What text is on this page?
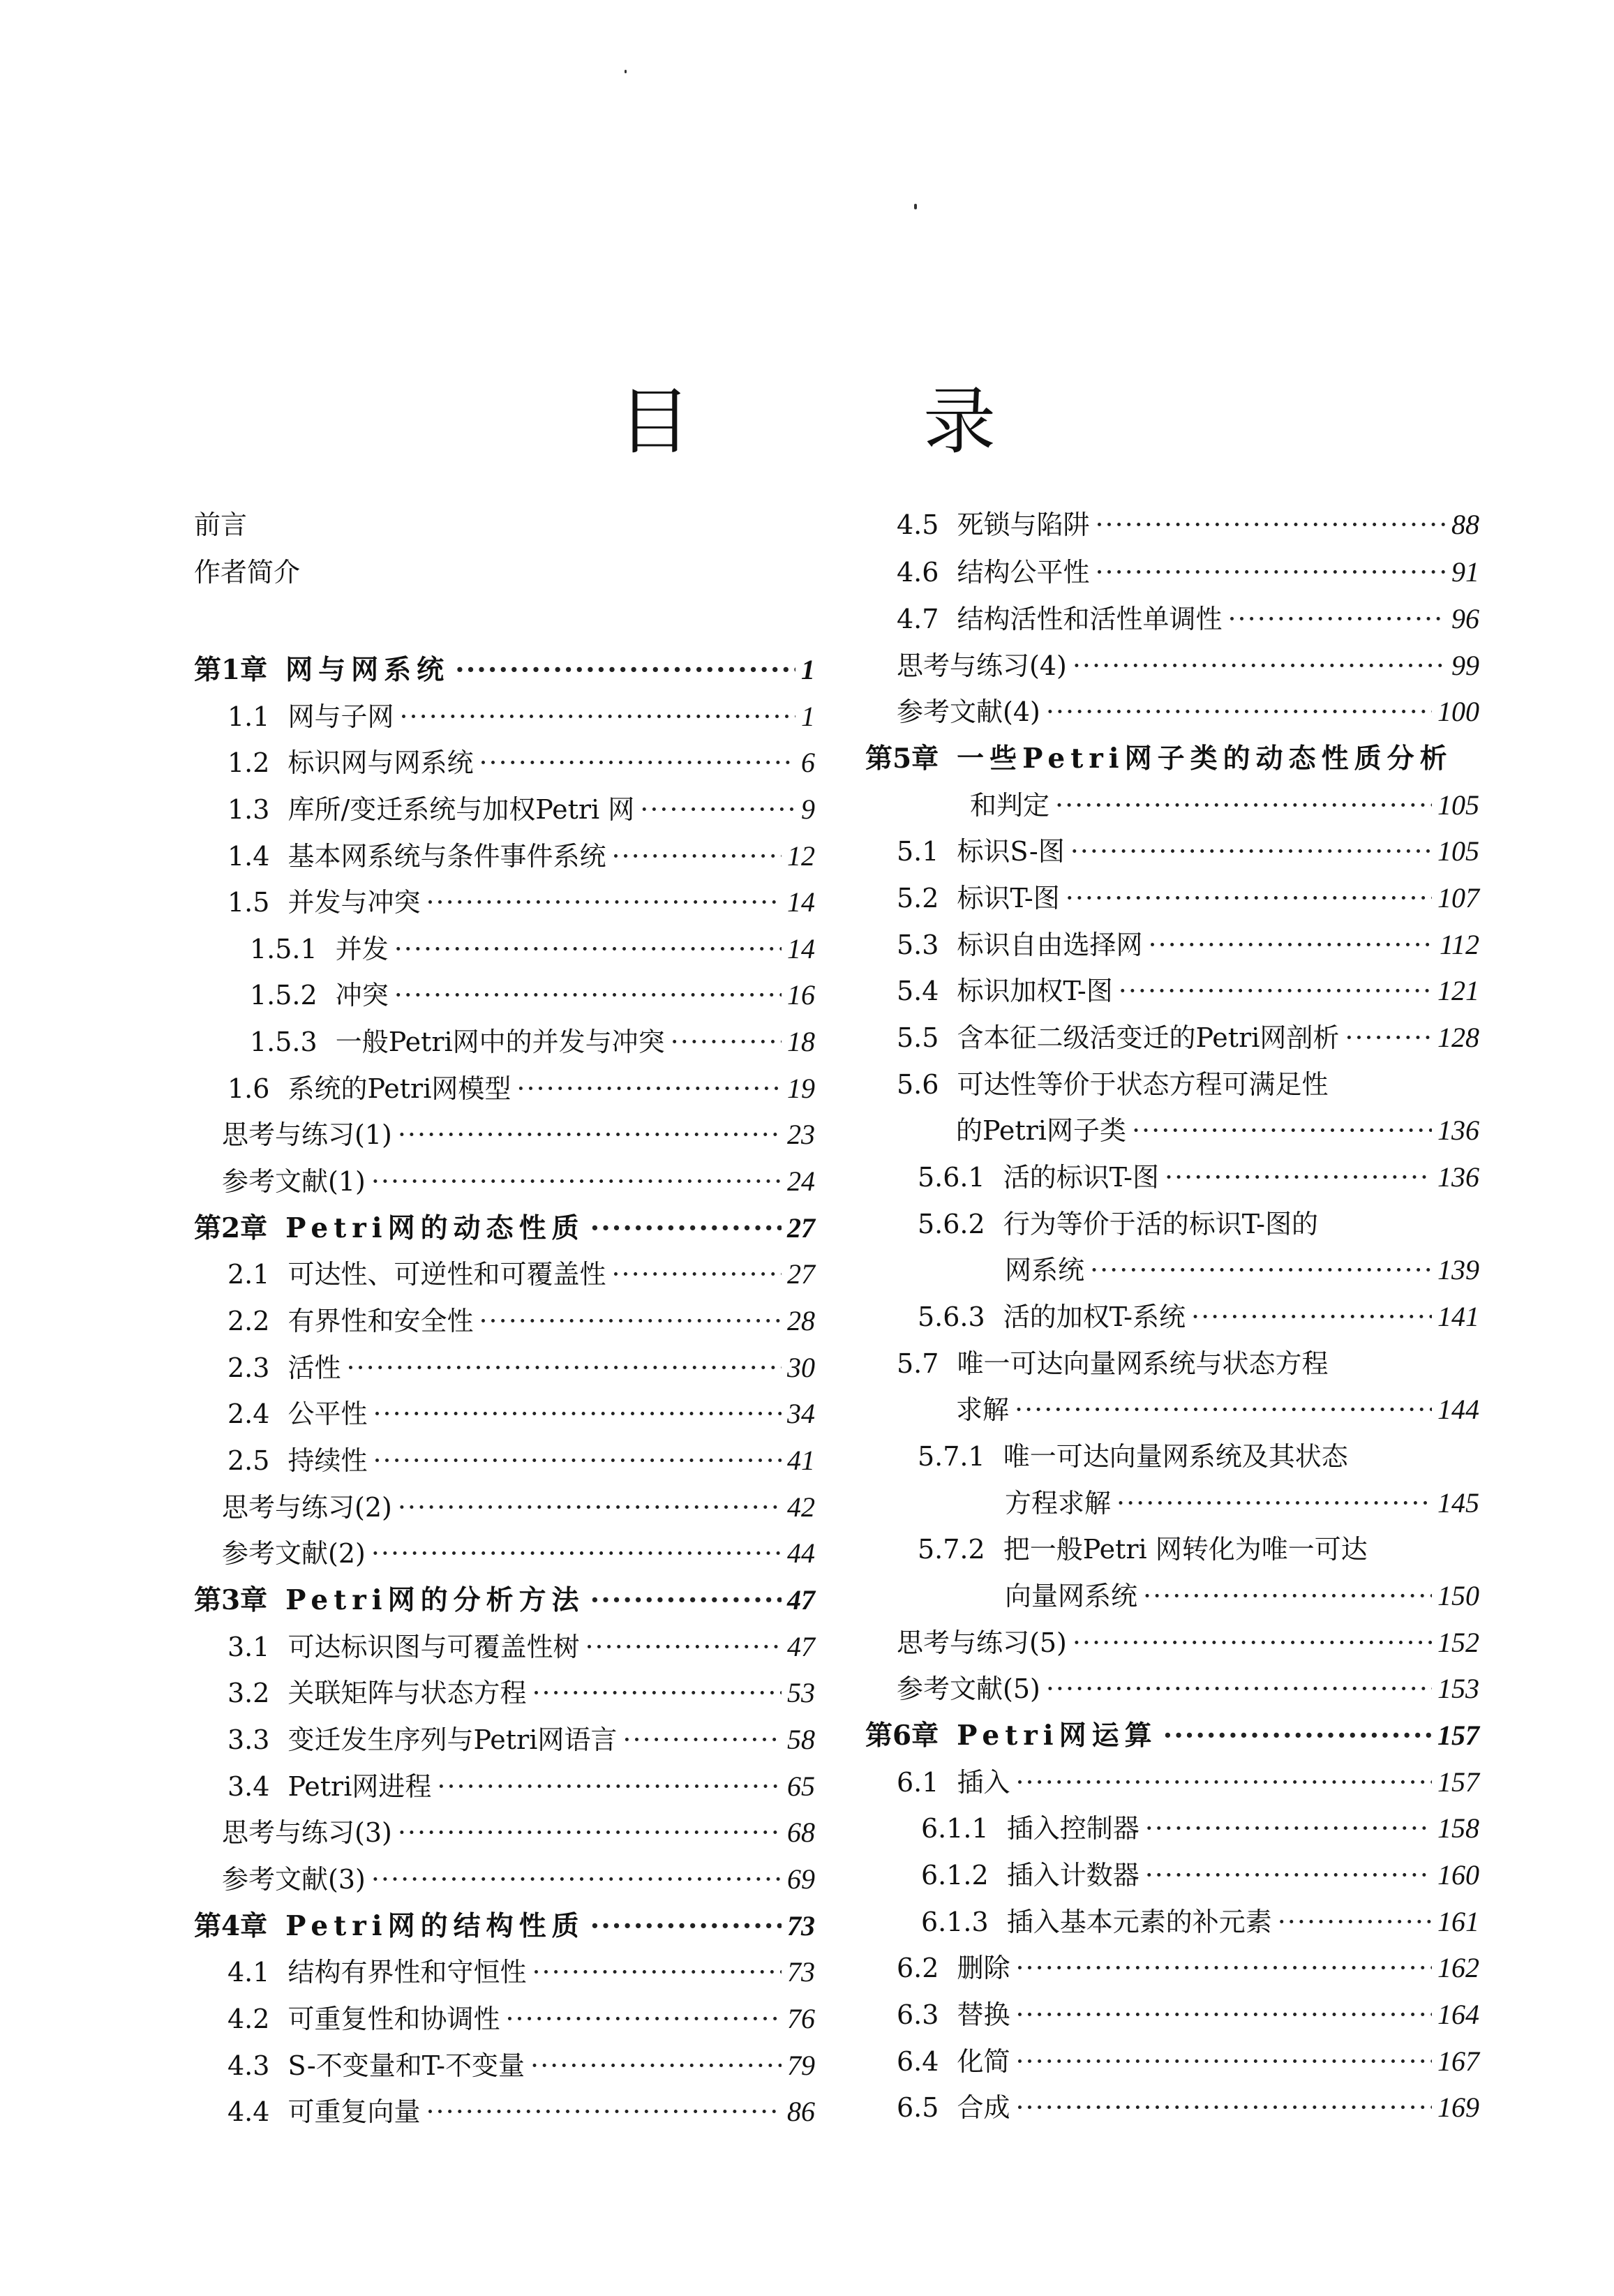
目 录
前言
作者简介
第1章 网与网系统 ·····	1
1.1 网与子网 ·····	1
1.2 标识网与网系统 ·····	6
1.3 库所/变迁系统与加权Petri 网 ·····	9
1.4 基本网系统与条件事件系统 ·····	12
1.5 并发与冲突 ·····	14
1.5.1 并发 ·····	14
1.5.2 冲突 ·····	16
1.5.3 一般Petri网中的并发与冲突 ·····	18
1.6 系统的Petri网模型 ·····	19
思考与练习(1) ·····	23
参考文献(1) ·····	24
第2章 Petri网的动态性质 ·····	27
2.1 可达性、可逆性和可覆盖性 ·····	27
2.2 有界性和安全性 ·····	28
2.3 活性 ·····	30
2.4 公平性 ·····	34
2.5 持续性 ·····	41
思考与练习(2) ·····	42
参考文献(2) ·····	44
第3章 Petri网的分析方法 ·····	47
3.1 可达标识图与可覆盖性树 ·····	47
3.2 关联矩阵与状态方程 ·····	53
3.3 变迁发生序列与Petri网语言 ·····	58
3.4 Petri网进程 ·····	65
思考与练习(3) ·····	68
参考文献(3) ·····	69
第4章 Petri网的结构性质 ·····	73
4.1 结构有界性和守恒性 ·····	73
4.2 可重复性和协调性 ·····	76
4.3 S-不变量和T-不变量 ·····	79
4.4 可重复向量 ·····	86
4.5 死锁与陷阱 ·····	88
4.6 结构公平性 ·····	91
4.7 结构活性和活性单调性 ·····	96
思考与练习(4) ·····	99
参考文献(4) ·····	100
第5章 一些Petri网子类的动态性质分析
和判定 ·····	105
5.1 标识S-图 ·····	105
5.2 标识T-图 ·····	107
5.3 标识自由选择网 ·····	112
5.4 标识加权T-图 ·····	121
5.5 含本征二级活变迁的Petri网剖析 ·····	128
5.6 可达性等价于状态方程可满足性
的Petri网子类 ·····	136
5.6.1 活的标识T-图 ·····	136
5.6.2 行为等价于活的标识T-图的
网系统 ·····	139
5.6.3 活的加权T-系统 ·····	141
5.7 唯一可达向量网系统与状态方程
求解 ·····	144
5.7.1 唯一可达向量网系统及其状态
方程求解 ·····	145
5.7.2 把一般Petri 网转化为唯一可达
向量网系统 ·····	150
思考与练习(5) ·····	152
参考文献(5) ·····	153
第6章 Petri网运算 ·····	157
6.1 插入 ·····	157
6.1.1 插入控制器 ·····	158
6.1.2 插入计数器 ·····	160
6.1.3 插入基本元素的补元素 ·····	161
6.2 删除 ·····	162
6.3 替换 ·····	164
6.4 化简 ·····	167
6.5 合成 ·····	169
